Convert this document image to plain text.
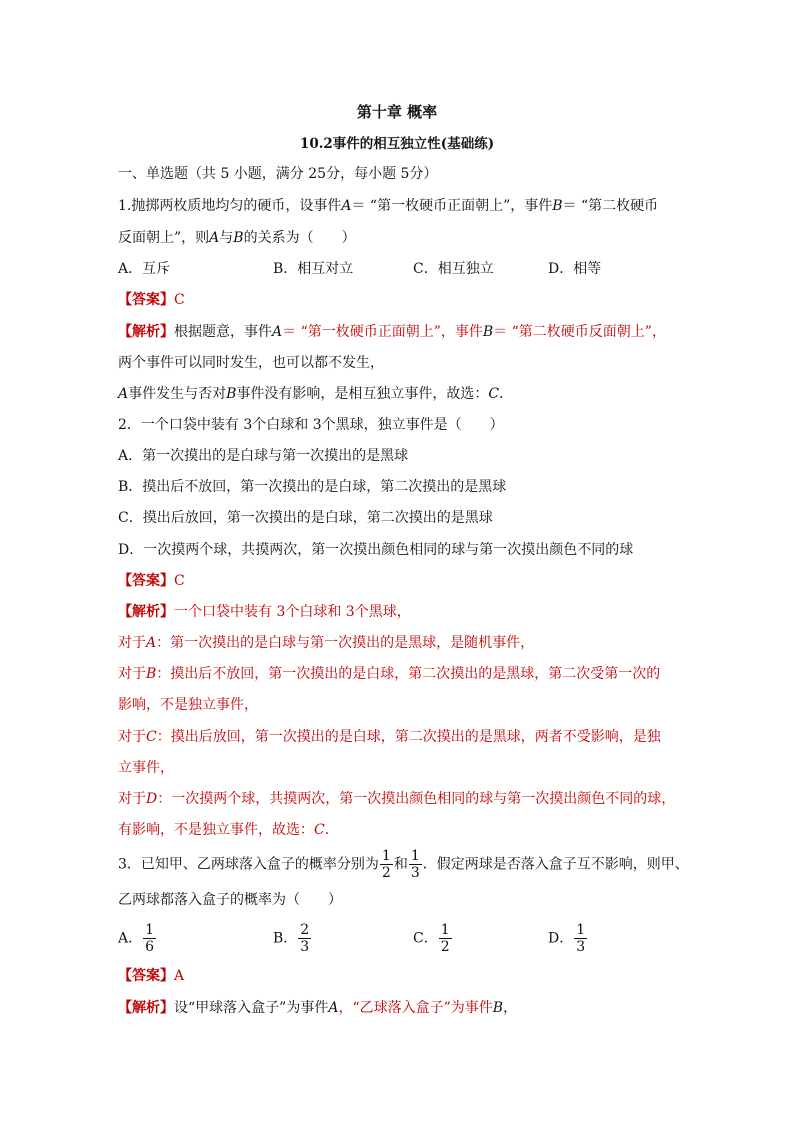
第十章 概率
10.2事件的相互独立性(基础练)
一、单选题（共 5 小题，满分 25分，每小题 5分）
1.抛掷两枚质地均匀的硬币，设事件A＝ “第一枚硬币正面朝上”，事件B＝ “第二枚硬币
反面朝上”，则A与B的关系为（　　）
A．互斥	B．相互对立	C．相互独立	D．相等
【答案】C
【解析】根据题意，事件A＝ “第一枚硬币正面朝上”，事件B＝ “第二枚硬币反面朝上”，
两个事件可以同时发生，也可以都不发生，
A事件发生与否对B事件没有影响，是相互独立事件，故选：C．
2．一个口袋中装有 3个白球和 3个黑球，独立事件是（　　）
A．第一次摸出的是白球与第一次摸出的是黑球
B．摸出后不放回，第一次摸出的是白球，第二次摸出的是黑球
C．摸出后放回，第一次摸出的是白球，第二次摸出的是黑球
D．一次摸两个球，共摸两次，第一次摸出颜色相同的球与第一次摸出颜色不同的球
【答案】C
【解析】一个口袋中装有 3个白球和 3个黑球，
对于A：第一次摸出的是白球与第一次摸出的是黑球，是随机事件，
对于B：摸出后不放回，第一次摸出的是白球，第二次摸出的是黑球，第二次受第一次的
影响，不是独立事件，
对于C：摸出后放回，第一次摸出的是白球，第二次摸出的是黑球，两者不受影响，是独
立事件，
对于D：一次摸两个球，共摸两次，第一次摸出颜色相同的球与第一次摸出颜色不同的球，
有影响，不是独立事件，故选：C．
3．已知甲、乙两球落入盒子的概率分别为 $\frac{1}{2}$ 和 $\frac{1}{3}$ ．假定两球是否落入盒子互不影响，则甲、
乙两球都落入盒子的概率为（　　）
A． $\frac{1}{6}$	B． $\frac{2}{3}$	C． $\frac{1}{2}$	D． $\frac{1}{3}$
【答案】A
【解析】设“甲球落入盒子”为事件A，“乙球落入盒子”为事件B，
